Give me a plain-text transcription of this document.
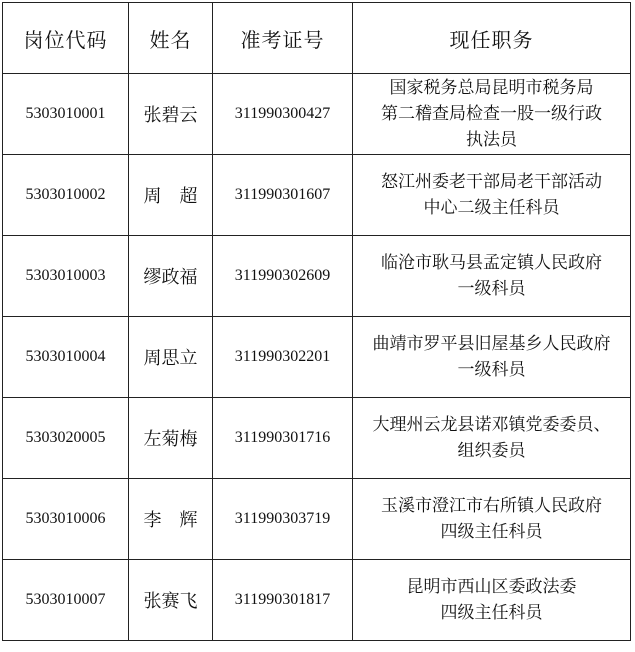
岗位代码	姓名	准考证号	现任职务
5303010001	张碧云	311990300427	国家税务总局昆明市税务局
第二稽查局检查一股一级行政
执法员

5303010002	周　超	311990301607	怒江州委老干部局老干部活动
中心二级主任科员

5303010003	缪政福	311990302609	临沧市耿马县孟定镇人民政府
一级科员

5303010004	周思立	311990302201	曲靖市罗平县旧屋基乡人民政府
一级科员

5303020005	左菊梅	311990301716	大理州云龙县诺邓镇党委委员、
组织委员

5303010006	李　辉	311990303719	玉溪市澄江市右所镇人民政府
四级主任科员

5303010007	张赛飞	311990301817	昆明市西山区委政法委
四级主任科员
